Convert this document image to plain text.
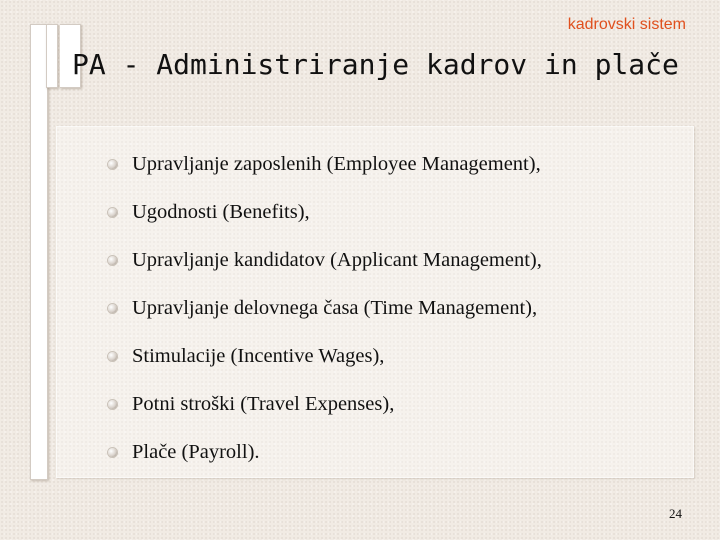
kadrovski sistem
PA - Administriranje kadrov in plače
Upravljanje zaposlenih (Employee Management),
Ugodnosti (Benefits),
Upravljanje kandidatov (Applicant Management),
Upravljanje delovnega časa (Time Management),
Stimulacije (Incentive Wages),
Potni stroški (Travel Expenses),
Plače (Payroll).
24
